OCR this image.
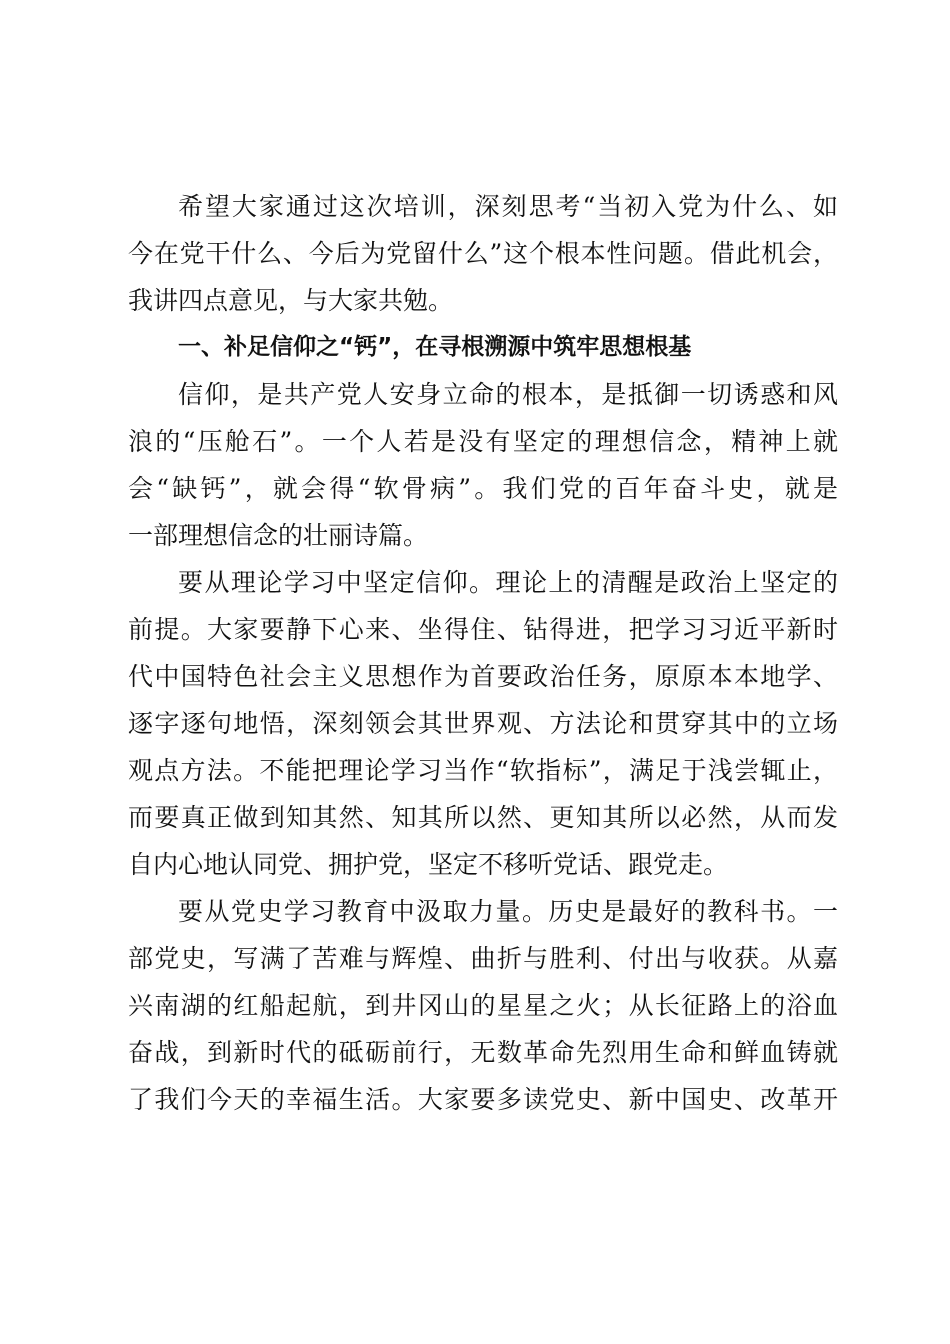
希望大家通过这次培训，深刻思考“当初入党为什么、如
今在党干什么、今后为党留什么”这个根本性问题。借此机会，
我讲四点意见，与大家共勉。
一、补足信仰之“钙”，在寻根溯源中筑牢思想根基
信仰，是共产党人安身立命的根本，是抵御一切诱惑和风
浪的“压舱石”。一个人若是没有坚定的理想信念，精神上就
会“缺钙”，就会得“软骨病”。我们党的百年奋斗史，就是
一部理想信念的壮丽诗篇。
要从理论学习中坚定信仰。理论上的清醒是政治上坚定的
前提。大家要静下心来、坐得住、钻得进，把学习习近平新时
代中国特色社会主义思想作为首要政治任务，原原本本地学、
逐字逐句地悟，深刻领会其世界观、方法论和贯穿其中的立场
观点方法。不能把理论学习当作“软指标”，满足于浅尝辄止，
而要真正做到知其然、知其所以然、更知其所以必然，从而发
自内心地认同党、拥护党，坚定不移听党话、跟党走。
要从党史学习教育中汲取力量。历史是最好的教科书。一
部党史，写满了苦难与辉煌、曲折与胜利、付出与收获。从嘉
兴南湖的红船起航，到井冈山的星星之火；从长征路上的浴血
奋战，到新时代的砥砺前行，无数革命先烈用生命和鲜血铸就
了我们今天的幸福生活。大家要多读党史、新中国史、改革开
